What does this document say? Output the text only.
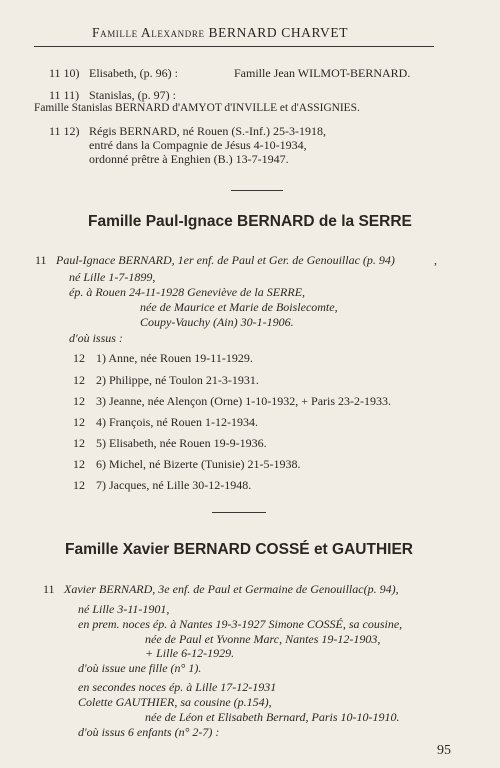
Famille Alexandre BERNARD CHARVET
11 10) Elisabeth, (p. 96) :	Famille Jean WILMOT-BERNARD.
11 11) Stanislas, (p. 97) :
Famille Stanislas BERNARD d'AMYOT d'INVILLE et d'ASSIGNIES.
11 12) Régis BERNARD, né Rouen (S.-Inf.) 25-3-1918,
entré dans la Compagnie de Jésus 4-10-1934,
ordonné prêtre à Enghien (B.) 13-7-1947.
Famille Paul-Ignace BERNARD de la SERRE
11 Paul-Ignace BERNARD, 1er enf. de Paul et Ger. de Genouillac (p. 94)	,
né Lille 1-7-1899,
ép. à Rouen 24-11-1928 Geneviève de la SERRE,
née de Maurice et Marie de Boislecomte,
Coupy-Vauchy (Ain) 30-1-1906.
d'où issus :
12 1) Anne, née Rouen 19-11-1929.
12 2) Philippe, né Toulon 21-3-1931.
12 3) Jeanne, née Alençon (Orne) 1-10-1932, + Paris 23-2-1933.
12 4) François, né Rouen 1-12-1934.
12 5) Elisabeth, née Rouen 19-9-1936.
12 6) Michel, né Bizerte (Tunisie) 21-5-1938.
12 7) Jacques, né Lille 30-12-1948.
Famille Xavier BERNARD COSSÉ et GAUTHIER
11 Xavier BERNARD, 3e enf. de Paul et Germaine de Genouillac(p. 94),
né Lille 3-11-1901,
en prem. noces ép. à Nantes 19-3-1927 Simone COSSÉ, sa cousine,
née de Paul et Yvonne Marc, Nantes 19-12-1903,
+ Lille 6-12-1929.
d'où issue une fille (n° 1).
en secondes noces ép. à Lille 17-12-1931
Colette GAUTHIER, sa cousine (p.154),
née de Léon et Elisabeth Bernard, Paris 10-10-1910.
d'où issus 6 enfants (n° 2-7) :
95
